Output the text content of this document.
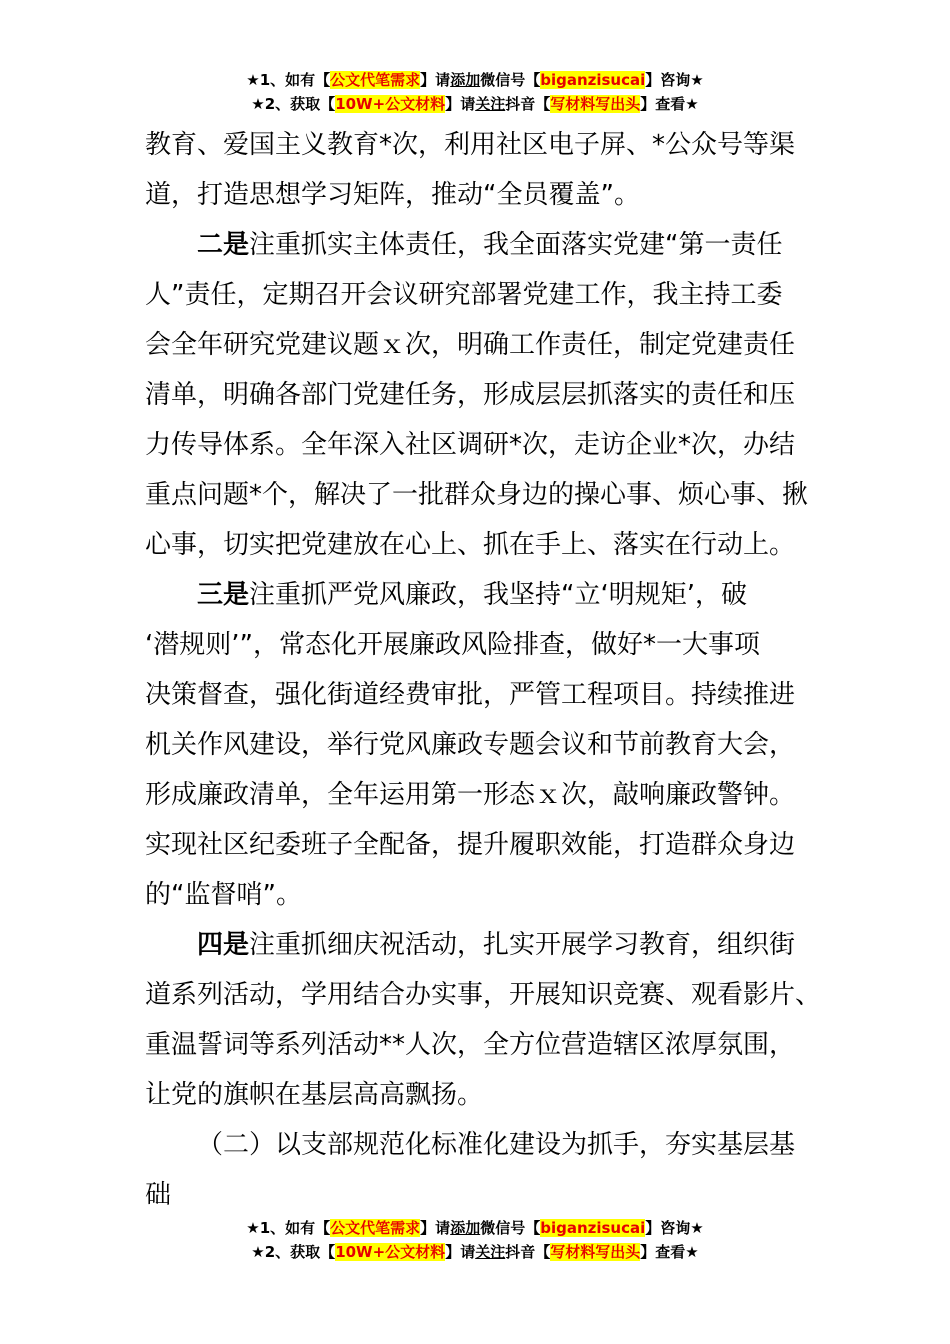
★1、如有【公文代笔需求】请添加微信号【biganzisucai】咨询★
★2、获取【10W+公文材料】请关注抖音【写材料写出头】查看★

教育、爱国主义教育*次，利用社区电子屏、*公众号等渠
道，打造思想学习矩阵，推动“全员覆盖”。

二是注重抓实主体责任，我全面落实党建“第一责任
人”责任，定期召开会议研究部署党建工作，我主持工委
会全年研究党建议题ｘ次，明确工作责任，制定党建责任
清单，明确各部门党建任务，形成层层抓落实的责任和压
力传导体系。全年深入社区调研*次，走访企业*次，办结
重点问题*个，解决了一批群众身边的操心事、烦心事、揪
心事，切实把党建放在心上、抓在手上、落实在行动上。

三是注重抓严党风廉政，我坚持“立‘明规矩’，破
‘潜规则’”，常态化开展廉政风险排查，做好*一大事项
决策督查，强化街道经费审批，严管工程项目。持续推进
机关作风建设，举行党风廉政专题会议和节前教育大会，
形成廉政清单，全年运用第一形态ｘ次，敲响廉政警钟。
实现社区纪委班子全配备，提升履职效能，打造群众身边
的“监督哨”。

四是注重抓细庆祝活动，扎实开展学习教育，组织街
道系列活动，学用结合办实事，开展知识竞赛、观看影片、
重温誓词等系列活动**人次，全方位营造辖区浓厚氛围，
让党的旗帜在基层高高飘扬。

（二）以支部规范化标准化建设为抓手，夯实基层基
础

★1、如有【公文代笔需求】请添加微信号【biganzisucai】咨询★
★2、获取【10W+公文材料】请关注抖音【写材料写出头】查看★
